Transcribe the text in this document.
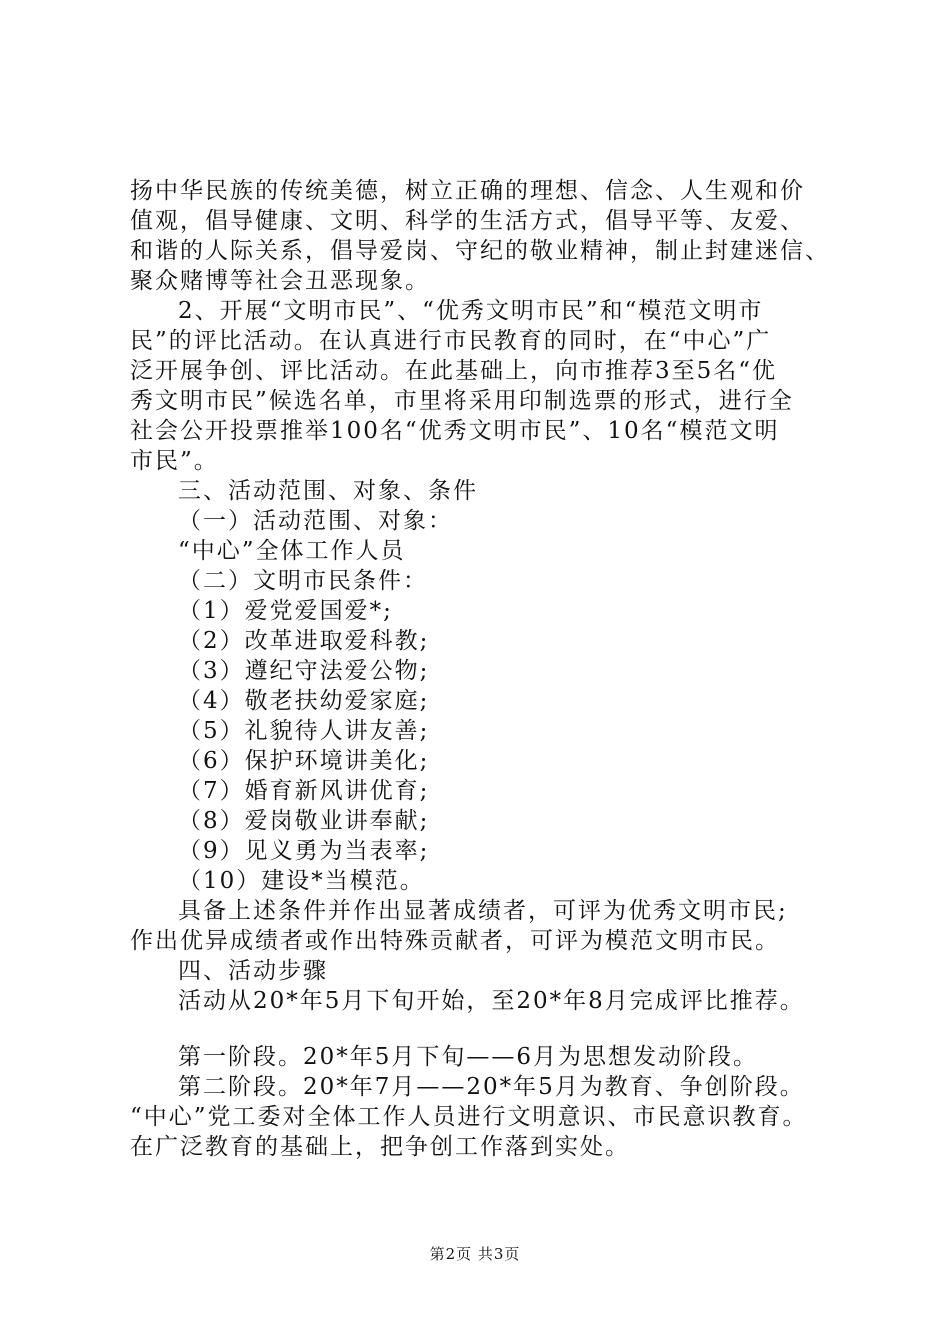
扬中华民族的传统美德，树立正确的理想、信念、人生观和价
值观，倡导健康、文明、科学的生活方式，倡导平等、友爱、
和谐的人际关系，倡导爱岗、守纪的敬业精神，制止封建迷信、
聚众赌博等社会丑恶现象。
2、开展“文明市民”、“优秀文明市民”和“模范文明市
民”的评比活动。在认真进行市民教育的同时，在“中心”广
泛开展争创、评比活动。在此基础上，向市推荐3至5名“优
秀文明市民”候选名单，市里将采用印制选票的形式，进行全
社会公开投票推举100名“优秀文明市民”、10名“模范文明
市民”。
三、活动范围、对象、条件
（一）活动范围、对象：
“中心”全体工作人员
（二）文明市民条件：
（1）爱党爱国爱*;
（2）改革进取爱科教;
（3）遵纪守法爱公物;
（4）敬老扶幼爱家庭;
（5）礼貌待人讲友善;
（6）保护环境讲美化;
（7）婚育新风讲优育;
（8）爱岗敬业讲奉献;
（9）见义勇为当表率;
（10）建设*当模范。
具备上述条件并作出显著成绩者，可评为优秀文明市民;
作出优异成绩者或作出特殊贡献者，可评为模范文明市民。
四、活动步骤
活动从20*年5月下旬开始，至20*年8月完成评比推荐。
第一阶段。20*年5月下旬——6月为思想发动阶段。
第二阶段。20*年7月——20*年5月为教育、争创阶段。
“中心”党工委对全体工作人员进行文明意识、市民意识教育。
在广泛教育的基础上，把争创工作落到实处。
第2页 共3页
